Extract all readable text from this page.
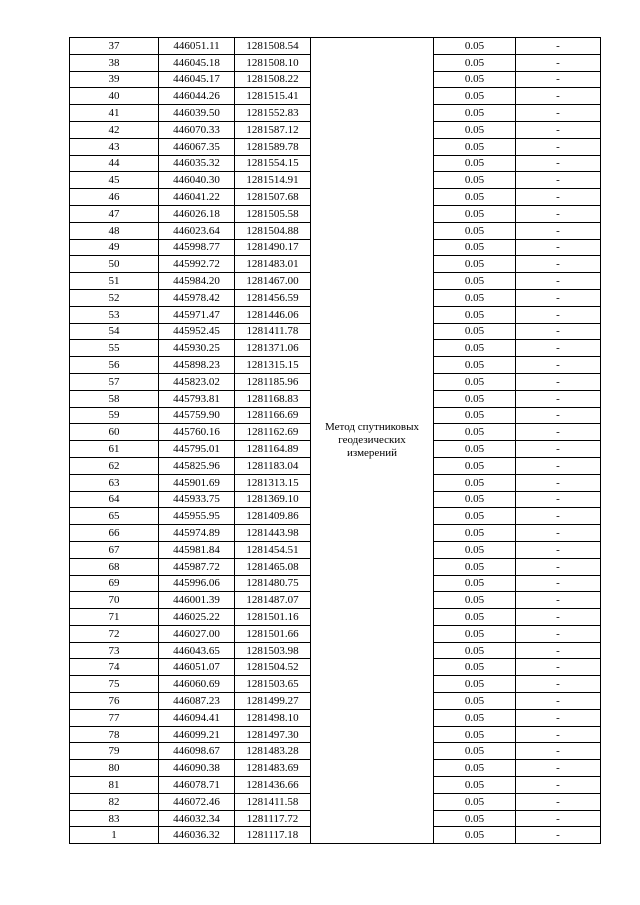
37	446051.11	1281508.54	Метод спутниковых геодезических измерений	0.05	-
38	446045.18	1281508.10		0.05	-
39	446045.17	1281508.22		0.05	-
40	446044.26	1281515.41		0.05	-
41	446039.50	1281552.83		0.05	-
42	446070.33	1281587.12		0.05	-
43	446067.35	1281589.78		0.05	-
44	446035.32	1281554.15		0.05	-
45	446040.30	1281514.91		0.05	-
46	446041.22	1281507.68		0.05	-
47	446026.18	1281505.58		0.05	-
48	446023.64	1281504.88		0.05	-
49	445998.77	1281490.17		0.05	-
50	445992.72	1281483.01		0.05	-
51	445984.20	1281467.00		0.05	-
52	445978.42	1281456.59		0.05	-
53	445971.47	1281446.06		0.05	-
54	445952.45	1281411.78		0.05	-
55	445930.25	1281371.06		0.05	-
56	445898.23	1281315.15		0.05	-
57	445823.02	1281185.96		0.05	-
58	445793.81	1281168.83		0.05	-
59	445759.90	1281166.69		0.05	-
60	445760.16	1281162.69		0.05	-
61	445795.01	1281164.89		0.05	-
62	445825.96	1281183.04		0.05	-
63	445901.69	1281313.15		0.05	-
64	445933.75	1281369.10		0.05	-
65	445955.95	1281409.86		0.05	-
66	445974.89	1281443.98		0.05	-
67	445981.84	1281454.51		0.05	-
68	445987.72	1281465.08		0.05	-
69	445996.06	1281480.75		0.05	-
70	446001.39	1281487.07		0.05	-
71	446025.22	1281501.16		0.05	-
72	446027.00	1281501.66		0.05	-
73	446043.65	1281503.98		0.05	-
74	446051.07	1281504.52		0.05	-
75	446060.69	1281503.65		0.05	-
76	446087.23	1281499.27		0.05	-
77	446094.41	1281498.10		0.05	-
78	446099.21	1281497.30		0.05	-
79	446098.67	1281483.28		0.05	-
80	446090.38	1281483.69		0.05	-
81	446078.71	1281436.66		0.05	-
82	446072.46	1281411.58		0.05	-
83	446032.34	1281117.72		0.05	-
1	446036.32	1281117.18		0.05	-
